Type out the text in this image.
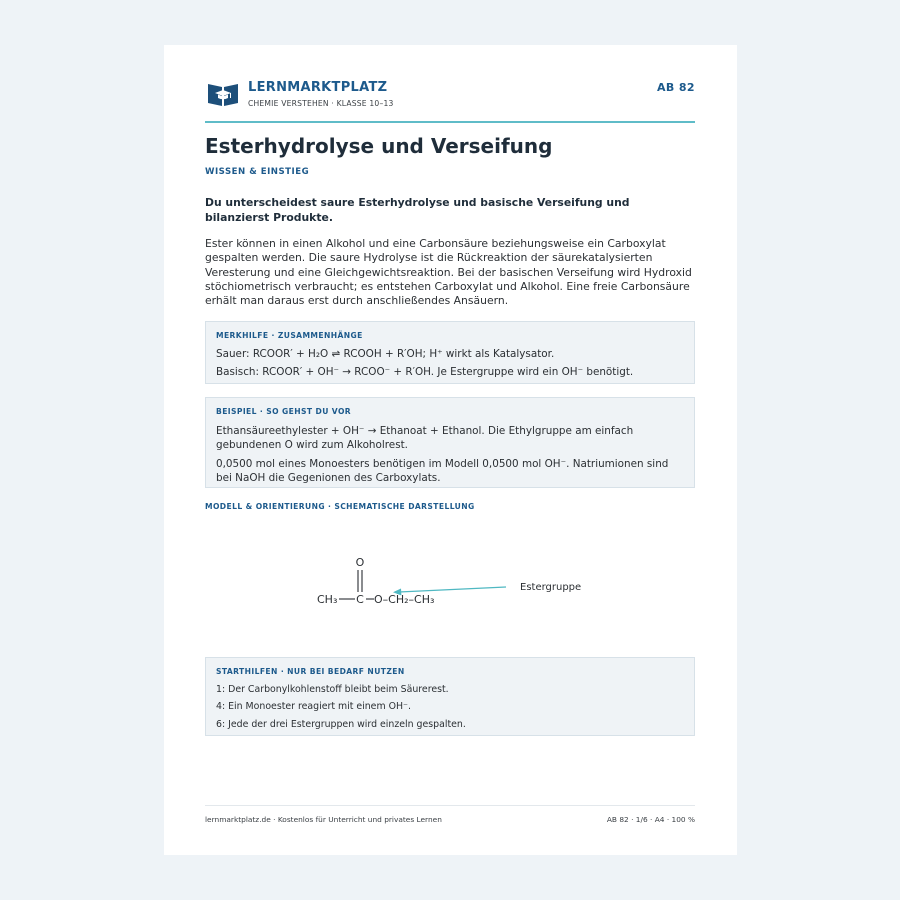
LERNMARKTPLATZ
CHEMIE VERSTEHEN · KLASSE 10–13
AB 82
Esterhydrolyse und Verseifung
WISSEN & EINSTIEG
Du unterscheidest saure Esterhydrolyse und basische Verseifung und bilanzierst Produkte.
Ester können in einen Alkohol und eine Carbonsäure beziehungsweise ein Carboxylat gespalten werden. Die saure Hydrolyse ist die Rückreaktion der säurekatalysierten Veresterung und eine Gleichgewichtsreaktion. Bei der basischen Verseifung wird Hydroxid stöchiometrisch verbraucht; es entstehen Carboxylat und Alkohol. Eine freie Carbonsäure erhält man daraus erst durch anschließendes Ansäuern.
MERKHILFE · ZUSAMMENHÄNGE
Sauer: RCOOR′ + H₂O ⇌ RCOOH + R′OH; H⁺ wirkt als Katalysator.
Basisch: RCOOR′ + OH⁻ → RCOO⁻ + R′OH. Je Estergruppe wird ein OH⁻ benötigt.
BEISPIEL · SO GEHST DU VOR
Ethansäureethylester + OH⁻ → Ethanoat + Ethanol. Die Ethylgruppe am einfach gebundenen O wird zum Alkoholrest.
0,0500 mol eines Monoesters benötigen im Modell 0,0500 mol OH⁻. Natriumionen sind bei NaOH die Gegenionen des Carboxylats.
MODELL & ORIENTIERUNG · SCHEMATISCHE DARSTELLUNG
O
CH₃ C O–CH₂–CH₃
Estergruppe
STARTHILFEN · NUR BEI BEDARF NUTZEN
1: Der Carbonylkohlenstoff bleibt beim Säurerest.
4: Ein Monoester reagiert mit einem OH⁻.
6: Jede der drei Estergruppen wird einzeln gespalten.
lernmarktplatz.de · Kostenlos für Unterricht und privates Lernen	AB 82 · 1/6 · A4 · 100 %
